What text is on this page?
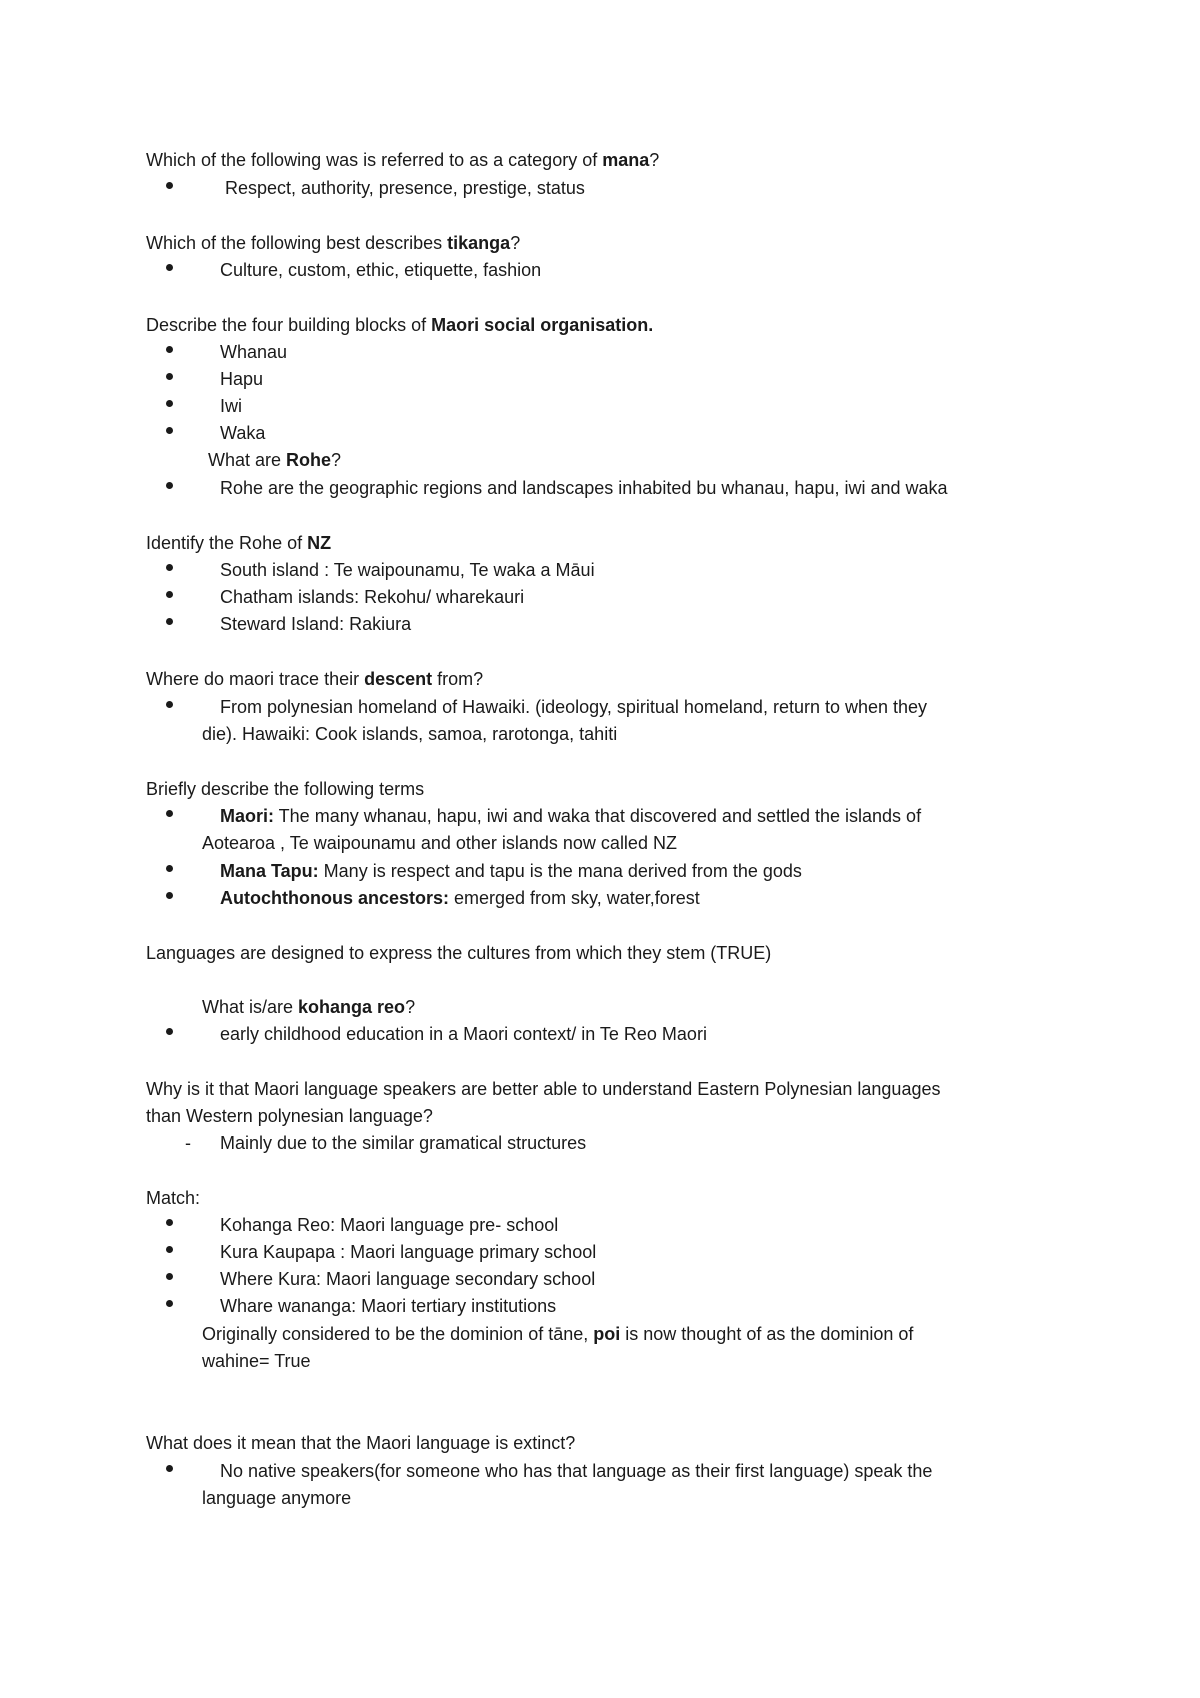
Which of the following was is referred to as a category of mana?
Respect, authority, presence, prestige, status
Which of the following best describes tikanga?
Culture, custom, ethic, etiquette, fashion
Describe the four building blocks of Maori social organisation.
Whanau
Hapu
Iwi
Waka
What are Rohe?
Rohe are the geographic regions and landscapes inhabited bu whanau, hapu, iwi and waka
Identify the Rohe of NZ
South island : Te waipounamu, Te waka a Māui
Chatham islands: Rekohu/ wharekauri
Steward Island: Rakiura
Where do maori trace their descent from?
From polynesian homeland of Hawaiki. (ideology, spiritual homeland, return to when they
die). Hawaiki: Cook islands, samoa, rarotonga, tahiti
Briefly describe the following terms
Maori: The many whanau, hapu, iwi and waka that discovered and settled the islands of
Aotearoa , Te waipounamu and other islands now called NZ
Mana Tapu: Many is respect and tapu is the mana derived from the gods
Autochthonous ancestors: emerged from sky, water,forest
Languages are designed to express the cultures from which they stem (TRUE)
What is/are kohanga reo?
early childhood education in a Maori context/ in Te Reo Maori
Why is it that Maori language speakers are better able to understand Eastern Polynesian languages
than Western polynesian language?
- Mainly due to the similar gramatical structures
Match:
Kohanga Reo: Maori language pre- school
Kura Kaupapa : Maori language primary school
Where Kura: Maori language secondary school
Whare wananga: Maori tertiary institutions
Originally considered to be the dominion of tāne, poi is now thought of as the dominion of
wahine= True
What does it mean that the Maori language is extinct?
No native speakers(for someone who has that language as their first language) speak the
language anymore
